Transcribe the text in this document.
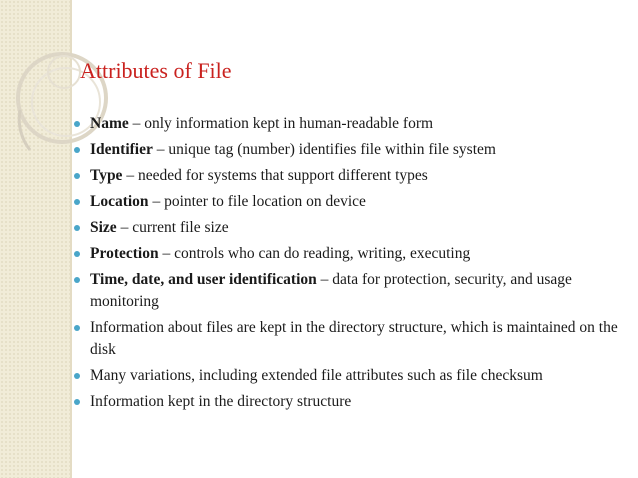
Attributes of File
Name – only information kept in human-readable form
Identifier – unique tag (number) identifies file within file system
Type – needed for systems that support different types
Location – pointer to file location on device
Size – current file size
Protection – controls who can do reading, writing, executing
Time, date, and user identification – data for protection, security, and usage monitoring
Information about files are kept in the directory structure, which is maintained on the disk
Many variations, including extended file attributes such as file checksum
Information kept in the directory structure
